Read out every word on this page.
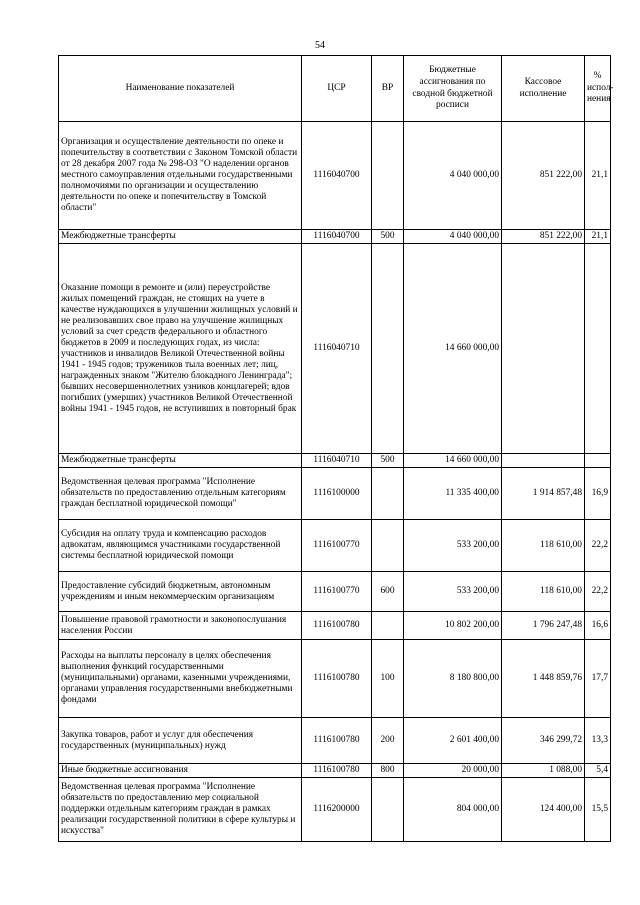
54
Наименование показателей	ЦСР	ВР	Бюджетные ассигнования по сводной бюджетной росписи	Кассовое исполнение	% испол-нения
Организация и осуществление деятельности по опеке и попечительству в соответствии с Законом Томской области от 28 декабря 2007 года № 298-ОЗ "О наделении органов местного самоуправления отдельными государственными полномочиями по организации и осуществлению деятельности по опеке и попечительству в Томской области"	1116040700		4 040 000,00	851 222,00	21,1
Межбюджетные трансферты	1116040700	500	4 040 000,00	851 222,00	21,1
Оказание помощи в ремонте и (или) переустройстве жилых помещений граждан, не стоящих на учете в качестве нуждающихся в улучшении жилищных условий и не реализовавших свое право на улучшение жилищных условий за счет средств федерального и областного бюджетов в 2009 и последующих годах, из числа: участников и инвалидов Великой Отечественной войны 1941 - 1945 годов; тружеников тыла военных лет; лиц, награжденных знаком "Жителю блокадного Ленинграда"; бывших несовершеннолетних узников концлагерей; вдов погибших (умерших) участников Великой Отечественной войны 1941 - 1945 годов, не вступивших в повторный брак	1116040710		14 660 000,00		
Межбюджетные трансферты	1116040710	500	14 660 000,00		
Ведомственная целевая программа "Исполнение обязательств по предоставлению отдельным категориям граждан бесплатной юридической помощи"	1116100000		11 335 400,00	1 914 857,48	16,9
Субсидия на оплату труда и компенсацию расходов адвокатам, являющимся участниками государственной системы бесплатной юридической помощи	1116100770		533 200,00	118 610,00	22,2
Предоставление субсидий бюджетным, автономным учреждениям и иным некоммерческим организациям	1116100770	600	533 200,00	118 610,00	22,2
Повышение правовой грамотности и законопослушания населения России	1116100780		10 802 200,00	1 796 247,48	16,6
Расходы на выплаты персоналу в целях обеспечения выполнения функций государственными (муниципальными) органами, казенными учреждениями, органами управления государственными внебюджетными фондами	1116100780	100	8 180 800,00	1 448 859,76	17,7
Закупка товаров, работ и услуг для обеспечения государственных (муниципальных) нужд	1116100780	200	2 601 400,00	346 299,72	13,3
Иные бюджетные ассигнования	1116100780	800	20 000,00	1 088,00	5,4
Ведомственная целевая программа "Исполнение обязательств по предоставлению мер социальной поддержки отдельным категориям граждан в рамках реализации государственной политики в сфере культуры и искусства"	1116200000		804 000,00	124 400,00	15,5
